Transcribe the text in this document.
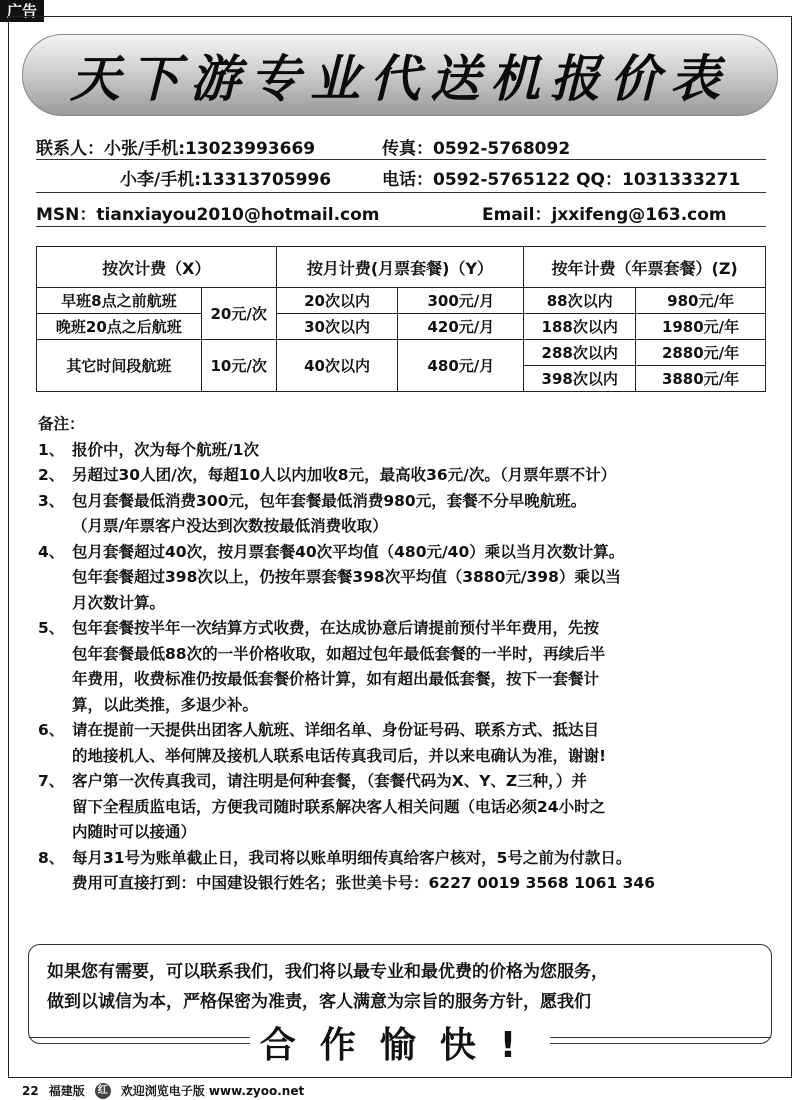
广告
天下游专业代送机报价表
联系人：小张/手机:13023993669	传真：0592-5768092
小李/手机:13313705996	电话：0592-5765122 QQ：1031333271
MSN：tianxiayou2010@hotmail.com	Email：jxxifeng@163.com
按次计费（X）		按月计费(月票套餐)（Y）		按年计费（年票套餐）(Z)	
早班8点之前航班	20元/次	20次以内	300元/月	88次以内	980元/年
晚班20点之后航班		30次以内	420元/月	188次以内	1980元/年
其它时间段航班	10元/次	40次以内	480元/月	288次以内	2880元/年
				398次以内	3880元/年
备注：
1、 报价中，次为每个航班/1次
2、 另超过30人团/次，每超10人以内加收8元，最高收36元/次。（月票年票不计）
3、 包月套餐最低消费300元，包年套餐最低消费980元，套餐不分早晚航班。
（月票/年票客户没达到次数按最低消费收取）
4、 包月套餐超过40次，按月票套餐40次平均值（480元/40）乘以当月次数计算。
包年套餐超过398次以上，仍按年票套餐398次平均值（3880元/398）乘以当
月次数计算。
5、 包年套餐按半年一次结算方式收费，在达成协意后请提前预付半年费用，先按
包年套餐最低88次的一半价格收取，如超过包年最低套餐的一半时，再续后半
年费用，收费标准仍按最低套餐价格计算，如有超出最低套餐，按下一套餐计
算，以此类推，多退少补。
6、 请在提前一天提供出团客人航班、详细名单、身份证号码、联系方式、抵达目
的地接机人、举何牌及接机人联系电话传真我司后，并以来电确认为准，谢谢!
7、 客户第一次传真我司，请注明是何种套餐，（套餐代码为X、Y、Z三种，）并
留下全程质监电话，方便我司随时联系解决客人相关问题（电话必须24小时之
内随时可以接通）
8、 每月31号为账单截止日，我司将以账单明细传真给客户核对，5号之前为付款日。
费用可直接打到：中国建设银行姓名；张世美卡号：6227 0019 3568 1061 346
如果您有需要，可以联系我们，我们将以最专业和最优费的价格为您服务，
做到以诚信为本，严格保密为准责，客人满意为宗旨的服务方针，愿我们
合作愉快!
22 福建版	红 欢迎浏览电子版 www.zyoo.net
